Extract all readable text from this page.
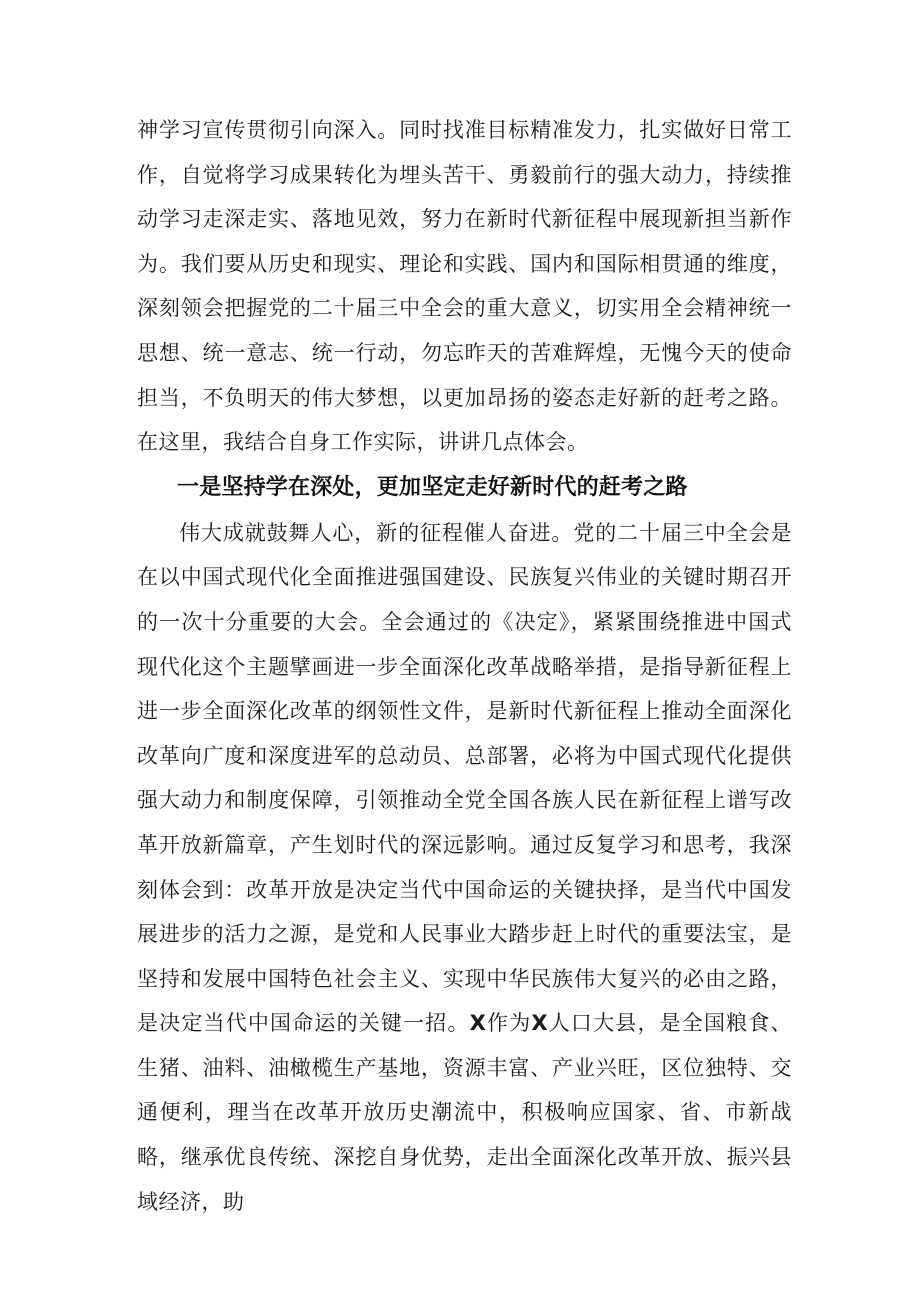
神学习宣传贯彻引向深入。同时找准目标精准发力，扎实做好日常工作，自觉将学习成果转化为埋头苦干、勇毅前行的强大动力，持续推动学习走深走实、落地见效，努力在新时代新征程中展现新担当新作为。我们要从历史和现实、理论和实践、国内和国际相贯通的维度，深刻领会把握党的二十届三中全会的重大意义，切实用全会精神统一思想、统一意志、统一行动，勿忘昨天的苦难辉煌，无愧今天的使命担当，不负明天的伟大梦想，以更加昂扬的姿态走好新的赶考之路。在这里，我结合自身工作实际，讲讲几点体会。

一是坚持学在深处，更加坚定走好新时代的赶考之路

伟大成就鼓舞人心，新的征程催人奋进。党的二十届三中全会是在以中国式现代化全面推进强国建设、民族复兴伟业的关键时期召开的一次十分重要的大会。全会通过的《决定》，紧紧围绕推进中国式现代化这个主题擘画进一步全面深化改革战略举措，是指导新征程上进一步全面深化改革的纲领性文件，是新时代新征程上推动全面深化改革向广度和深度进军的总动员、总部署，必将为中国式现代化提供强大动力和制度保障，引领推动全党全国各族人民在新征程上谱写改革开放新篇章，产生划时代的深远影响。通过反复学习和思考，我深刻体会到：改革开放是决定当代中国命运的关键抉择，是当代中国发展进步的活力之源，是党和人民事业大踏步赶上时代的重要法宝，是坚持和发展中国特色社会主义、实现中华民族伟大复兴的必由之路，是决定当代中国命运的关键一招。X作为X人口大县，是全国粮食、生猪、油料、油橄榄生产基地，资源丰富、产业兴旺，区位独特、交通便利，理当在改革开放历史潮流中，积极响应国家、省、市新战略，继承优良传统、深挖自身优势，走出全面深化改革开放、振兴县域经济，助
